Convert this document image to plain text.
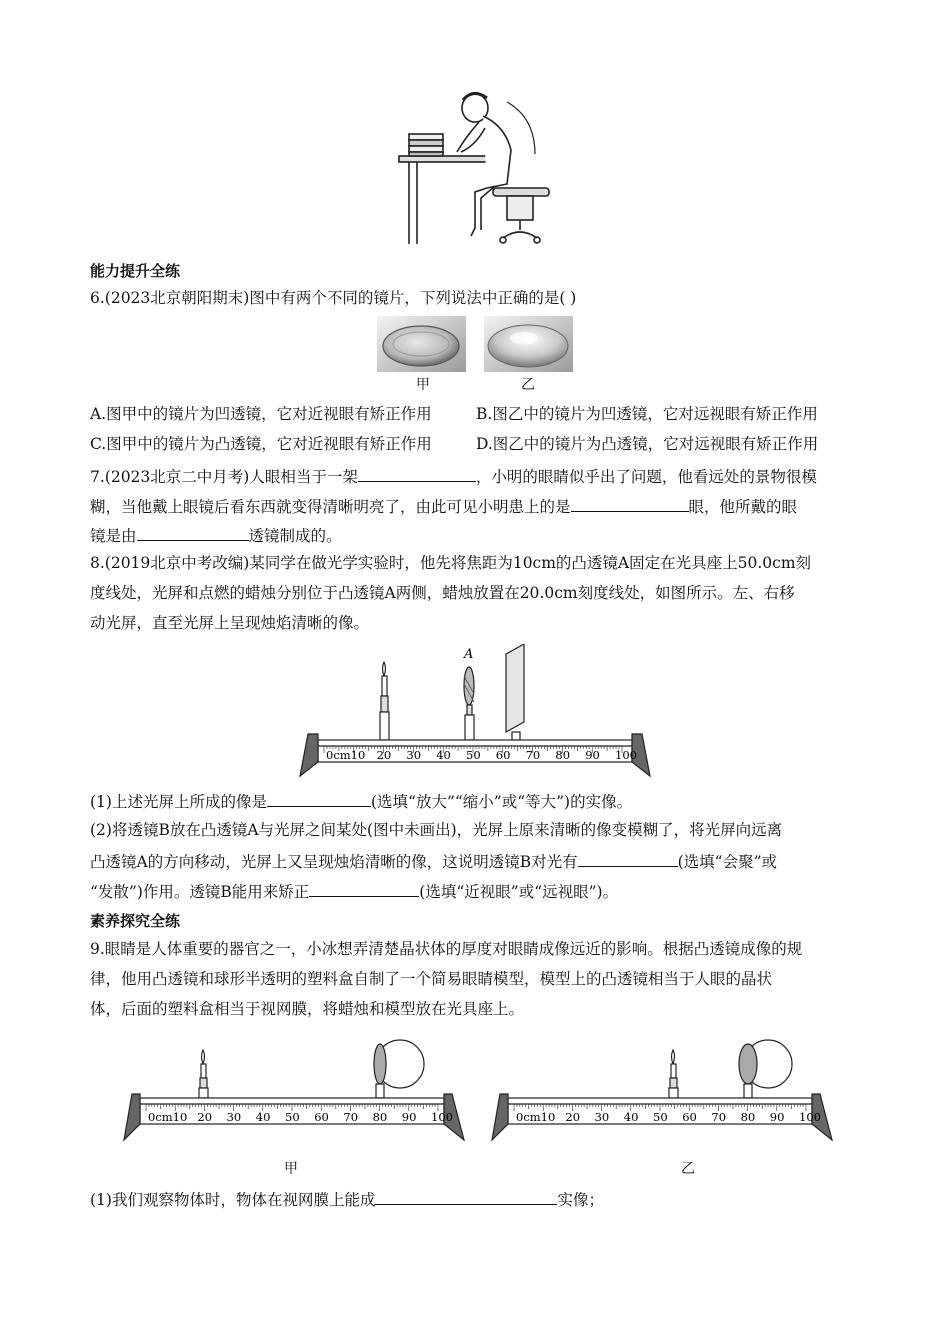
能力提升全练
6.(2023北京朝阳期末)图中有两个不同的镜片，下列说法中正确的是( )
甲	乙
A.图甲中的镜片为凹透镜，它对近视眼有矫正作用	B.图乙中的镜片为凹透镜，它对远视眼有矫正作用
C.图甲中的镜片为凸透镜，它对近视眼有矫正作用	D.图乙中的镜片为凸透镜，它对远视眼有矫正作用
7.(2023北京二中月考)人眼相当于一架	，小明的眼睛似乎出了问题，他看远处的景物很模
糊，当他戴上眼镜后看东西就变得清晰明亮了，由此可见小明患上的是	眼，他所戴的眼
镜是由	透镜制成的。
8.(2019北京中考改编)某同学在做光学实验时，他先将焦距为10cm的凸透镜A固定在光具座上50.0cm刻
度线处，光屏和点燃的蜡烛分别位于凸透镜A两侧，蜡烛放置在20.0cm刻度线处，如图所示。左、右移
动光屏，直至光屏上呈现烛焰清晰的像。
A
0cm10 20 30 40 50 60 70 80 90 100
(1)上述光屏上所成的像是	(选填“放大”“缩小”或“等大”)的实像。
(2)将透镜B放在凸透镜A与光屏之间某处(图中未画出)，光屏上原来清晰的像变模糊了，将光屏向远离
凸透镜A的方向移动，光屏上又呈现烛焰清晰的像，这说明透镜B对光有	(选填“会聚”或
“发散”)作用。透镜B能用来矫正	(选填“近视眼”或“远视眼”)。
素养探究全练
9.眼睛是人体重要的器官之一，小冰想弄清楚晶状体的厚度对眼睛成像远近的影响。根据凸透镜成像的规
律，他用凸透镜和球形半透明的塑料盒自制了一个简易眼睛模型，模型上的凸透镜相当于人眼的晶状
体，后面的塑料盒相当于视网膜，将蜡烛和模型放在光具座上。
0cm10 20 30 40 50 60 70 80 90 100	0cm10 20 30 40 50 60 70 80 90 100
甲	乙
(1)我们观察物体时，物体在视网膜上能成	实像；
